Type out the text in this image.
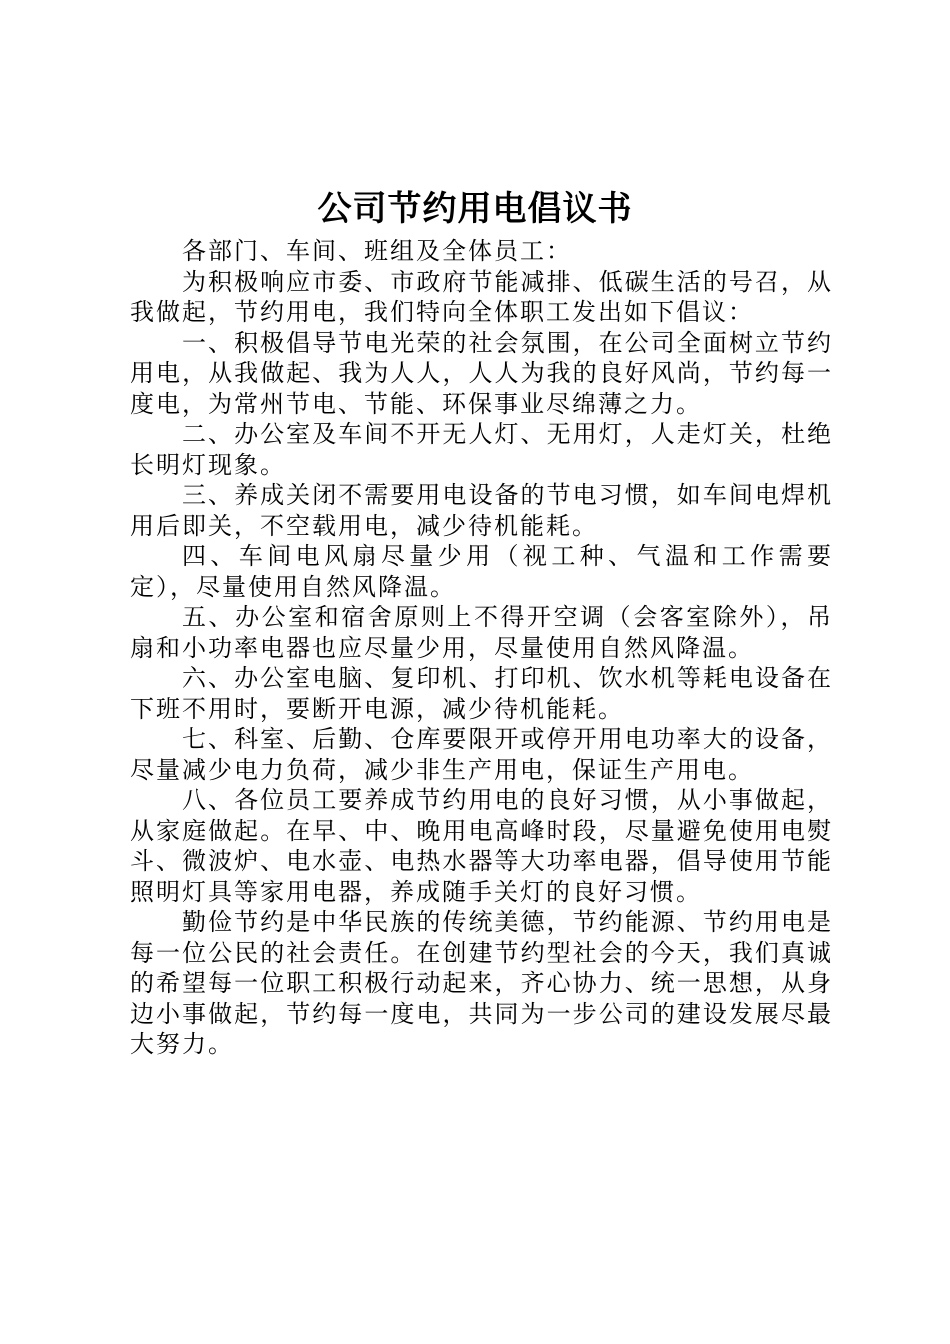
公司节约用电倡议书

各部门、车间、班组及全体员工：

为积极响应市委、市政府节能减排、低碳生活的号召，从我做起，节约用电，我们特向全体职工发出如下倡议：

一、积极倡导节电光荣的社会氛围，在公司全面树立节约用电，从我做起、我为人人，人人为我的良好风尚，节约每一度电，为常州节电、节能、环保事业尽绵薄之力。

二、办公室及车间不开无人灯、无用灯，人走灯关，杜绝长明灯现象。

三、养成关闭不需要用电设备的节电习惯，如车间电焊机用后即关，不空载用电，减少待机能耗。

四、车间电风扇尽量少用（视工种、气温和工作需要定），尽量使用自然风降温。

五、办公室和宿舍原则上不得开空调（会客室除外），吊扇和小功率电器也应尽量少用，尽量使用自然风降温。

六、办公室电脑、复印机、打印机、饮水机等耗电设备在下班不用时，要断开电源，减少待机能耗。

七、科室、后勤、仓库要限开或停开用电功率大的设备，尽量减少电力负荷，减少非生产用电，保证生产用电。

八、各位员工要养成节约用电的良好习惯，从小事做起，从家庭做起。在早、中、晚用电高峰时段，尽量避免使用电熨斗、微波炉、电水壶、电热水器等大功率电器，倡导使用节能照明灯具等家用电器，养成随手关灯的良好习惯。

勤俭节约是中华民族的传统美德，节约能源、节约用电是每一位公民的社会责任。在创建节约型社会的今天，我们真诚的希望每一位职工积极行动起来，齐心协力、统一思想，从身边小事做起，节约每一度电，共同为一步公司的建设发展尽最大努力。
